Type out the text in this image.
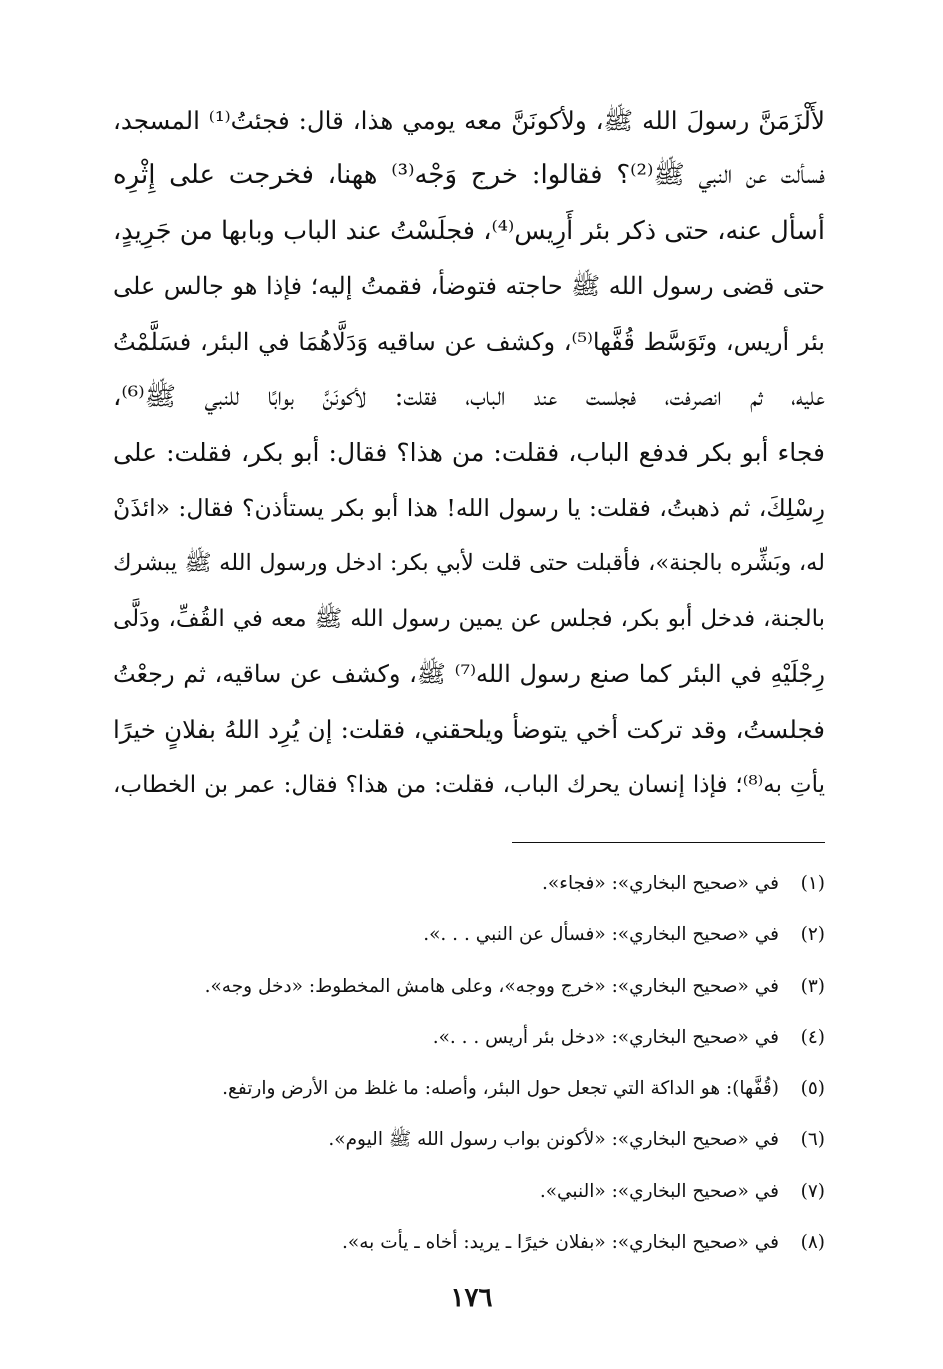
لأَلْزَمَنَّ رسولَ الله ﷺ، ولأكونَنَّ معه يومي هذا، قال: فجئتُ⁽¹⁾ المسجد،
فسألت عن النبي ﷺ⁽²⁾؟ فقالوا: خرج وَجْه⁽³⁾ ههنا، فخرجت على إِثْرِه
أسأل عنه، حتى ذكر بئر أَرِيس⁽⁴⁾، فجلَسْتُ عند الباب وبابها من جَرِيدٍ،
حتى قضى رسول الله ﷺ حاجته فتوضأ، فقمتُ إليه؛ فإذا هو جالس على
بئر أريس، وتَوَسَّط قُفَّها⁽⁵⁾، وكشف عن ساقيه وَدَلَّاهُمَا في البئر، فسَلَّمْتُ
عليه، ثم انصرفت، فجلست عند الباب، فقلت: لأكونَنَّ بوابًا للنبي ﷺ⁽⁶⁾،
فجاء أبو بكر فدفع الباب، فقلت: من هذا؟ فقال: أبو بكر، فقلت: على
رِسْلِكَ، ثم ذهبتُ، فقلت: يا رسول الله! هذا أبو بكر يستأذن؟ فقال: «ائذَنْ
له، وبَشِّره بالجنة»، فأقبلت حتى قلت لأبي بكر: ادخل ورسول الله ﷺ يبشرك
بالجنة، فدخل أبو بكر، فجلس عن يمين رسول الله ﷺ معه في القُفِّ، ودَلَّى
رِجْلَيْهِ في البئر كما صنع رسول الله⁽⁷⁾ ﷺ، وكشف عن ساقيه، ثم رجعْتُ
فجلستُ، وقد تركت أخي يتوضأ ويلحقني، فقلت: إن يُرِد اللهُ بفلانٍ خيرًا
يأتِ به⁽⁸⁾؛ فإذا إنسان يحرك الباب، فقلت: من هذا؟ فقال: عمر بن الخطاب،
(١)
في «صحيح البخاري»: «فجاء».
(٢)
في «صحيح البخاري»: «فسأل عن النبي . . .».
(٣)
في «صحيح البخاري»: «خرج ووجه»، وعلى هامش المخطوط: «دخل وجه».
(٤)
في «صحيح البخاري»: «دخل بئر أريس . . .».
(٥)
(قُفَّها): هو الداكة التي تجعل حول البئر، وأصله: ما غلظ من الأرض وارتفع.
(٦)
في «صحيح البخاري»: «لأكونن بواب رسول الله ﷺ اليوم».
(٧)
في «صحيح البخاري»: «النبي».
(٨)
في «صحيح البخاري»: «بفلان خيرًا ـ يريد: أخاه ـ يأت به».
١٧٦
